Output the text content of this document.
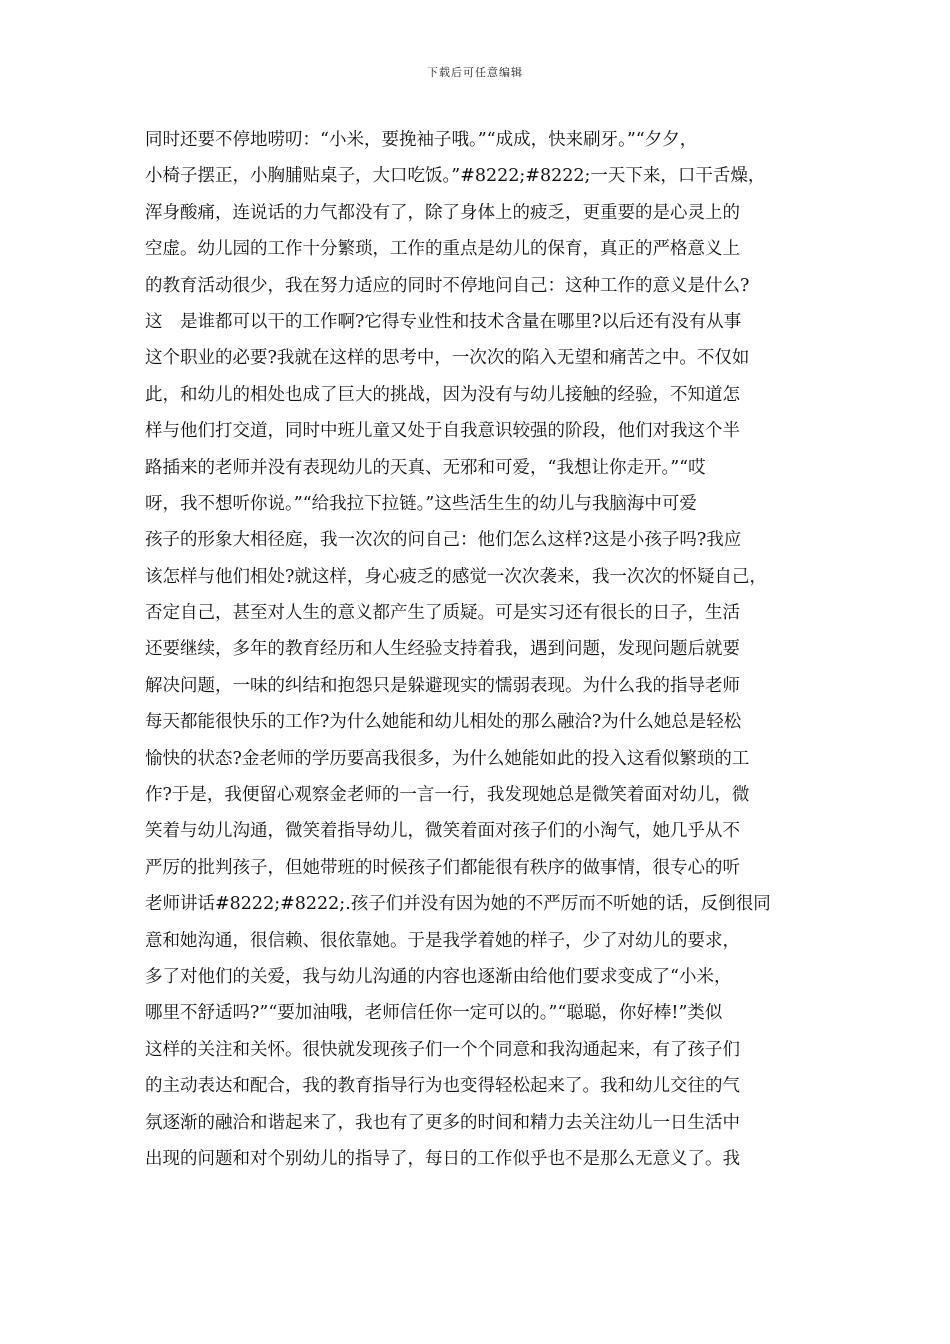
下载后可任意编辑
同时还要不停地唠叨：“小米，要挽袖子哦。”“成成，快来刷牙。”“夕夕，
小椅子摆正，小胸脯贴桌子，大口吃饭。”#8222;#8222;一天下来，口干舌燥，
浑身酸痛，连说话的力气都没有了，除了身体上的疲乏，更重要的是心灵上的
空虚。幼儿园的工作十分繁琐，工作的重点是幼儿的保育，真正的严格意义上
的教育活动很少，我在努力适应的同时不停地问自己：这种工作的意义是什么?
这　是谁都可以干的工作啊?它得专业性和技术含量在哪里?以后还有没有从事
这个职业的必要?我就在这样的思考中，一次次的陷入无望和痛苦之中。不仅如
此，和幼儿的相处也成了巨大的挑战，因为没有与幼儿接触的经验，不知道怎
样与他们打交道，同时中班儿童又处于自我意识较强的阶段，他们对我这个半
路插来的老师并没有表现幼儿的天真、无邪和可爱，“我想让你走开。”“哎
呀，我不想听你说。”“给我拉下拉链。”这些活生生的幼儿与我脑海中可爱
孩子的形象大相径庭，我一次次的问自己：他们怎么这样?这是小孩子吗?我应
该怎样与他们相处?就这样，身心疲乏的感觉一次次袭来，我一次次的怀疑自己，
否定自己，甚至对人生的意义都产生了质疑。可是实习还有很长的日子，生活
还要继续，多年的教育经历和人生经验支持着我，遇到问题，发现问题后就要
解决问题，一味的纠结和抱怨只是躲避现实的懦弱表现。为什么我的指导老师
每天都能很快乐的工作?为什么她能和幼儿相处的那么融洽?为什么她总是轻松
愉快的状态?金老师的学历要高我很多，为什么她能如此的投入这看似繁琐的工
作?于是，我便留心观察金老师的一言一行，我发现她总是微笑着面对幼儿，微
笑着与幼儿沟通，微笑着指导幼儿，微笑着面对孩子们的小淘气，她几乎从不
严厉的批判孩子，但她带班的时候孩子们都能很有秩序的做事情，很专心的听
老师讲话#8222;#8222;.孩子们并没有因为她的不严厉而不听她的话，反倒很同
意和她沟通，很信赖、很依靠她。于是我学着她的样子，少了对幼儿的要求，
多了对他们的关爱，我与幼儿沟通的内容也逐渐由给他们要求变成了“小米，
哪里不舒适吗?”“要加油哦，老师信任你一定可以的。”“聪聪，你好棒!”类似
这样的关注和关怀。很快就发现孩子们一个个同意和我沟通起来，有了孩子们
的主动表达和配合，我的教育指导行为也变得轻松起来了。我和幼儿交往的气
氛逐渐的融洽和谐起来了，我也有了更多的时间和精力去关注幼儿一日生活中
出现的问题和对个别幼儿的指导了，每日的工作似乎也不是那么无意义了。我
